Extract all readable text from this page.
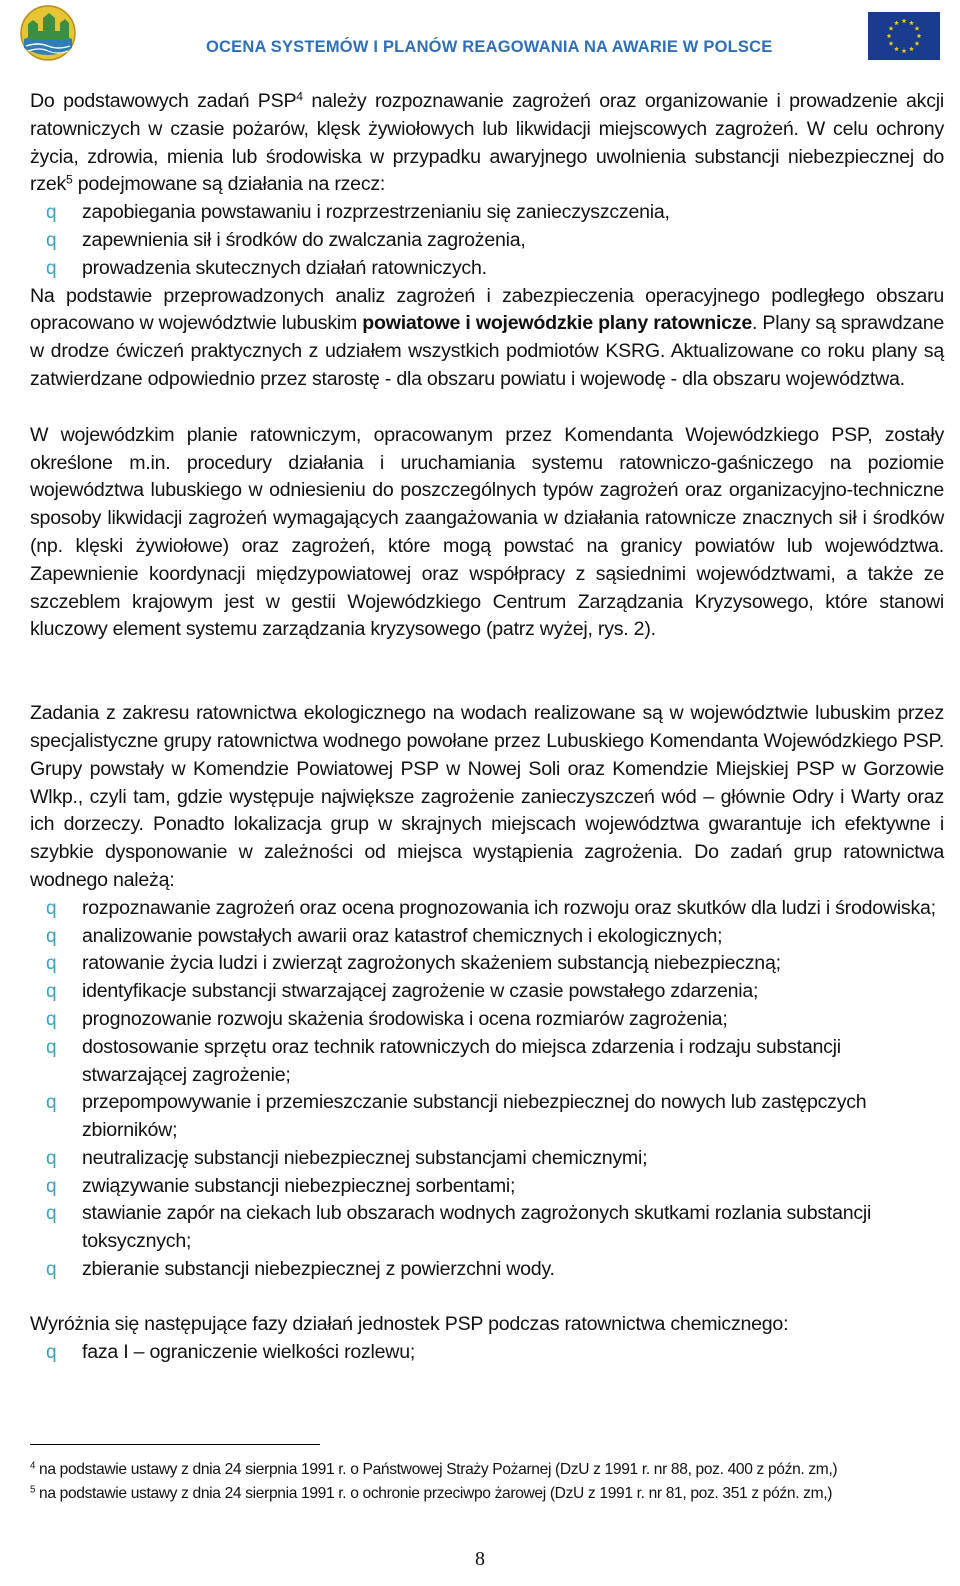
OCENA SYSTEMÓW I PLANÓW REAGOWANIA NA AWARIE W POLSCE

Do podstawowych zadań PSP$^4$ należy rozpoznawanie zagrożeń oraz organizowanie i prowadzenie akcji ratowniczych w czasie pożarów, klęsk żywiołowych lub likwidacji miejscowych zagrożeń. W celu ochrony życia, zdrowia, mienia lub środowiska w przypadku awaryjnego uwolnienia substancji niebezpiecznej do rzek$^5$ podejmowane są działania na rzecz:

q zapobiegania powstawaniu i rozprzestrzenianiu się zanieczyszczenia,
q zapewnienia sił i środków do zwalczania zagrożenia,
q prowadzenia skutecznych działań ratowniczych.

Na podstawie przeprowadzonych analiz zagrożeń i zabezpieczenia operacyjnego podległego obszaru opracowano w województwie lubuskim powiatowe i wojewódzkie plany ratownicze. Plany są sprawdzane w drodze ćwiczeń praktycznych z udziałem wszystkich podmiotów KSRG. Aktualizowane co roku plany są zatwierdzane odpowiednio przez starostę - dla obszaru powiatu i wojewodę - dla obszaru województwa.

W wojewódzkim planie ratowniczym, opracowanym przez Komendanta Wojewódzkiego PSP, zostały określone m.in. procedury działania i uruchamiania systemu ratowniczo-gaśniczego na poziomie województwa lubuskiego w odniesieniu do poszczególnych typów zagrożeń oraz organizacyjno-techniczne sposoby likwidacji zagrożeń wymagających zaangażowania w działania ratownicze znacznych sił i środków (np. klęski żywiołowe) oraz zagrożeń, które mogą powstać na granicy powiatów lub województwa. Zapewnienie koordynacji międzypowiatowej oraz współpracy z sąsiednimi województwami, a także ze szczeblem krajowym jest w gestii Wojewódzkiego Centrum Zarządzania Kryzysowego, które stanowi kluczowy element systemu zarządzania kryzysowego (patrz wyżej, rys. 2).

Zadania z zakresu ratownictwa ekologicznego na wodach realizowane są w województwie lubuskim przez specjalistyczne grupy ratownictwa wodnego powołane przez Lubuskiego Komendanta Wojewódzkiego PSP. Grupy powstały w Komendzie Powiatowej PSP w Nowej Soli oraz Komendzie Miejskiej PSP w Gorzowie Wlkp., czyli tam, gdzie występuje największe zagrożenie zanieczyszczeń wód – głównie Odry i Warty oraz ich dorzeczy. Ponadto lokalizacja grup w skrajnych miejscach województwa gwarantuje ich efektywne i szybkie dysponowanie w zależności od miejsca wystąpienia zagrożenia. Do zadań grup ratownictwa wodnego należą:

q rozpoznawanie zagrożeń oraz ocena prognozowania ich rozwoju oraz skutków dla ludzi i środowiska;
q analizowanie powstałych awarii oraz katastrof chemicznych i ekologicznych;
q ratowanie życia ludzi i zwierząt zagrożonych skażeniem substancją niebezpieczną;
q identyfikacje substancji stwarzającej zagrożenie w czasie powstałego zdarzenia;
q prognozowanie rozwoju skażenia środowiska i ocena rozmiarów zagrożenia;
q dostosowanie sprzętu oraz technik ratowniczych do miejsca zdarzenia i rodzaju substancji stwarzającej zagrożenie;
q przepompowywanie i przemieszczanie substancji niebezpiecznej do nowych lub zastępczych zbiorników;
q neutralizację substancji niebezpiecznej substancjami chemicznymi;
q związywanie substancji niebezpiecznej sorbentami;
q stawianie zapór na ciekach lub obszarach wodnych zagrożonych skutkami rozlania substancji toksycznych;
q zbieranie substancji niebezpiecznej z powierzchni wody.

Wyróżnia się następujące fazy działań jednostek PSP podczas ratownictwa chemicznego:

q faza I – ograniczenie wielkości rozlewu;
$^4$ na podstawie ustawy z dnia 24 sierpnia 1991 r. o Państwowej Straży Pożarnej (DzU z 1991 r. nr 88, poz. 400 z późn. zm,)
$^5$ na podstawie ustawy z dnia 24 sierpnia 1991 r. o ochronie przeciwpo żarowej (DzU z 1991 r. nr 81, poz. 351 z późn. zm,)
8
